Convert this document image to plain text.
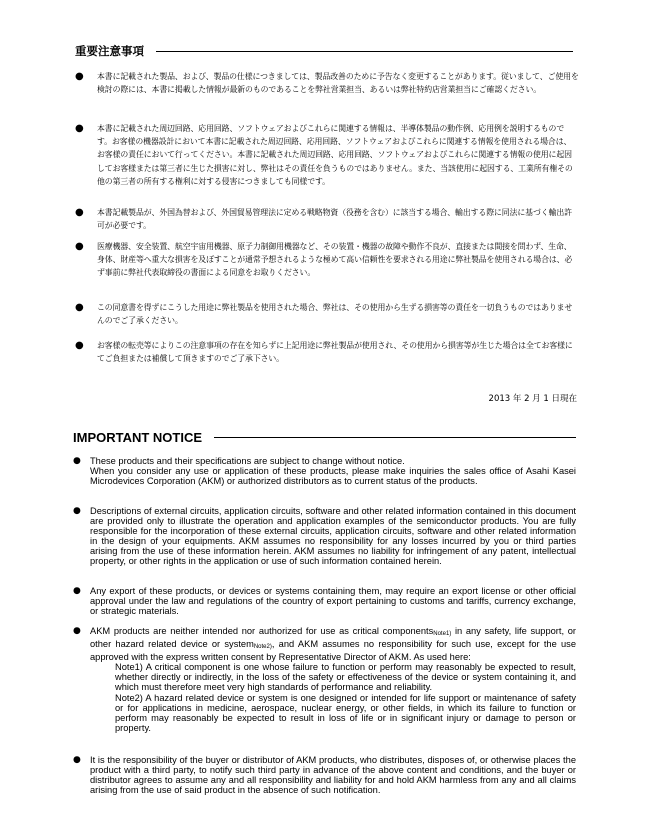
重要注意事項
●	本書に記載された製品、および、製品の仕様につきましては、製品改善のために予告なく変更することがあります。従いまして、ご使用を検討の際には、本書に掲載した情報が最新のものであることを弊社営業担当、あるいは弊社特約店営業担当にご確認ください。
●	本書に記載された周辺回路、応用回路、ソフトウェアおよびこれらに関連する情報は、半導体製品の動作例、応用例を説明するものです。お客様の機器設計において本書に記載された周辺回路、応用回路、ソフトウェアおよびこれらに関連する情報を使用される場合は、お客様の責任において行ってください。本書に記載された周辺回路、応用回路、ソフトウェアおよびこれらに関連する情報の使用に起因してお客様または第三者に生じた損害に対し、弊社はその責任を負うものではありません。また、当該使用に起因する、工業所有権その他の第三者の所有する権利に対する侵害につきましても同様です。
●	本書記載製品が、外国為替および、外国貿易管理法に定める戦略物資（役務を含む）に該当する場合、輸出する際に同法に基づく輸出許可が必要です。
●	医療機器、安全装置、航空宇宙用機器、原子力制御用機器など、その装置・機器の故障や動作不良が、直接または間接を問わず、生命、身体、財産等へ重大な損害を及ぼすことが通常予想されるような極めて高い信頼性を要求される用途に弊社製品を使用される場合は、必ず事前に弊社代表取締役の書面による同意をお取りください。
●	この同意書を得ずにこうした用途に弊社製品を使用された場合、弊社は、その使用から生ずる損害等の責任を一切負うものではありませんのでご了承ください。
●	お客様の転売等によりこの注意事項の存在を知らずに上記用途に弊社製品が使用され、その使用から損害等が生じた場合は全てお客様にてご負担または補償して頂きますのでご了承下さい。
2013 年 2 月 1 日現在
IMPORTANT NOTICE
● These products and their specifications are subject to change without notice.

When you consider any use or application of these products, please make inquiries the sales office of Asahi Kasei Microdevices Corporation (AKM) or authorized distributors as to current status of the products.

● Descriptions of external circuits, application circuits, software and other related information contained in this document are provided only to illustrate the operation and application examples of the semiconductor products. You are fully responsible for the incorporation of these external circuits, application circuits, software and other related information in the design of your equipments. AKM assumes no responsibility for any losses incurred by you or third parties arising from the use of these information herein. AKM assumes no liability for infringement of any patent, intellectual property, or other rights in the application or use of such information contained herein.
● Any export of these products, or devices or systems containing them, may require an export license or other official approval under the law and regulations of the country of export pertaining to customs and tariffs, currency exchange, or strategic materials.
● AKM products are neither intended nor authorized for use as critical components$_{Note1)}$ in any safety, life support, or other hazard related device or system$_{Note2)}$, and AKM assumes no responsibility for such use, except for the use approved with the express written consent by Representative Director of AKM. As used here:

Note1) A critical component is one whose failure to function or perform may reasonably be expected to result, whether directly or indirectly, in the loss of the safety or effectiveness of the device or system containing it, and which must therefore meet very high standards of performance and reliability.

Note2) A hazard related device or system is one designed or intended for life support or maintenance of safety or for applications in medicine, aerospace, nuclear energy, or other fields, in which its failure to function or perform may reasonably be expected to result in loss of life or in significant injury or damage to person or property.

● It is the responsibility of the buyer or distributor of AKM products, who distributes, disposes of, or otherwise places the product with a third party, to notify such third party in advance of the above content and conditions, and the buyer or distributor agrees to assume any and all responsibility and liability for and hold AKM harmless from any and all claims arising from the use of said product in the absence of such notification.
